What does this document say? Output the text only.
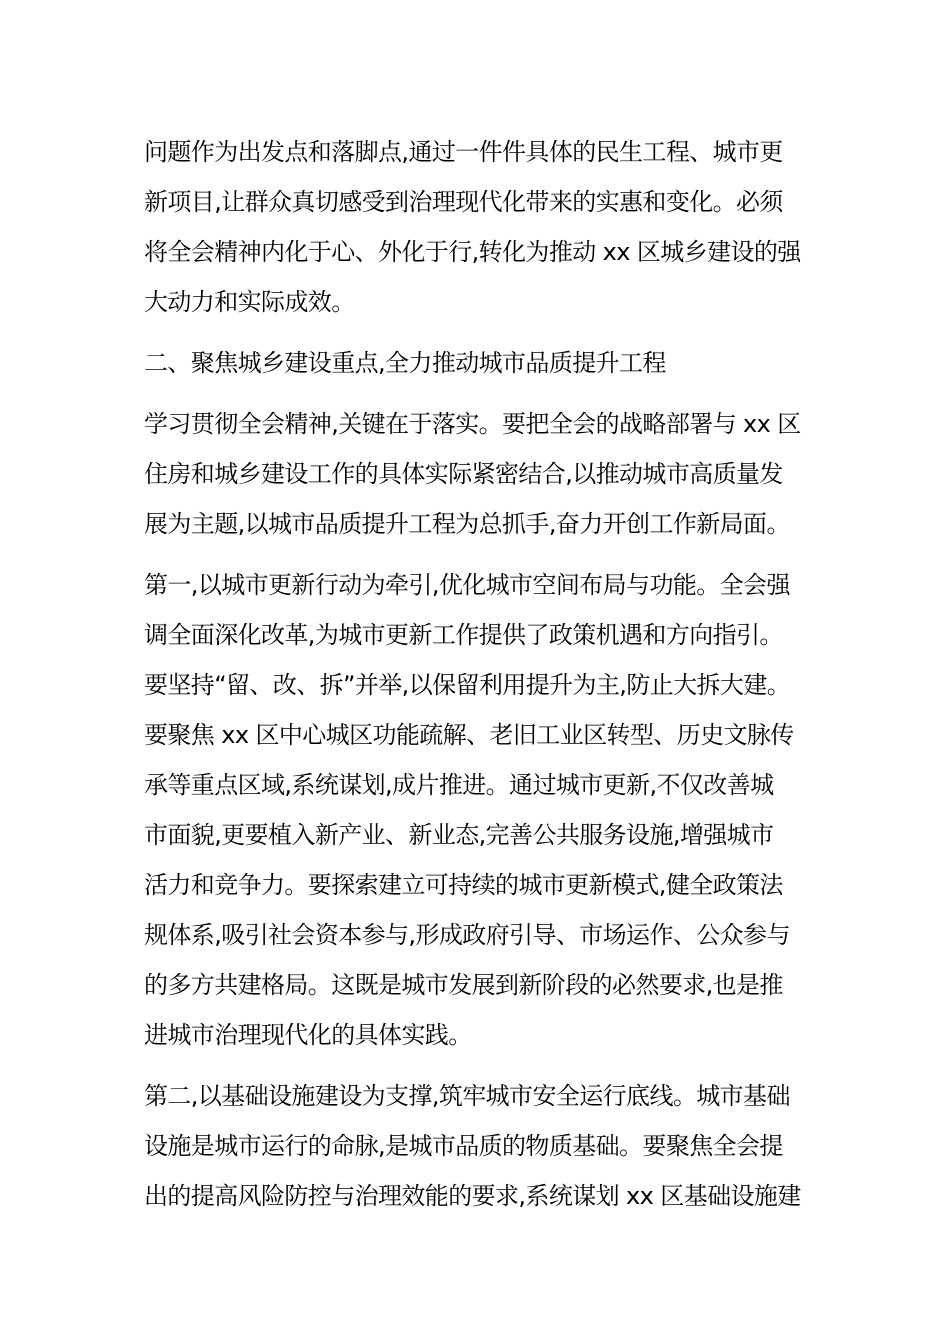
问题作为出发点和落脚点,通过一件件具体的民生工程、城市更
新项目,让群众真切感受到治理现代化带来的实惠和变化。必须
将全会精神内化于心、外化于行,转化为推动 xx 区城乡建设的强
大动力和实际成效。
二、聚焦城乡建设重点,全力推动城市品质提升工程
学习贯彻全会精神,关键在于落实。要把全会的战略部署与 xx 区
住房和城乡建设工作的具体实际紧密结合,以推动城市高质量发
展为主题,以城市品质提升工程为总抓手,奋力开创工作新局面。
第一,以城市更新行动为牵引,优化城市空间布局与功能。全会强
调全面深化改革,为城市更新工作提供了政策机遇和方向指引。
要坚持“留、改、拆”并举,以保留利用提升为主,防止大拆大建。
要聚焦 xx 区中心城区功能疏解、老旧工业区转型、历史文脉传
承等重点区域,系统谋划,成片推进。通过城市更新,不仅改善城
市面貌,更要植入新产业、新业态,完善公共服务设施,增强城市
活力和竞争力。要探索建立可持续的城市更新模式,健全政策法
规体系,吸引社会资本参与,形成政府引导、市场运作、公众参与
的多方共建格局。这既是城市发展到新阶段的必然要求,也是推
进城市治理现代化的具体实践。
第二,以基础设施建设为支撑,筑牢城市安全运行底线。城市基础
设施是城市运行的命脉,是城市品质的物质基础。要聚焦全会提
出的提高风险防控与治理效能的要求,系统谋划 xx 区基础设施建
